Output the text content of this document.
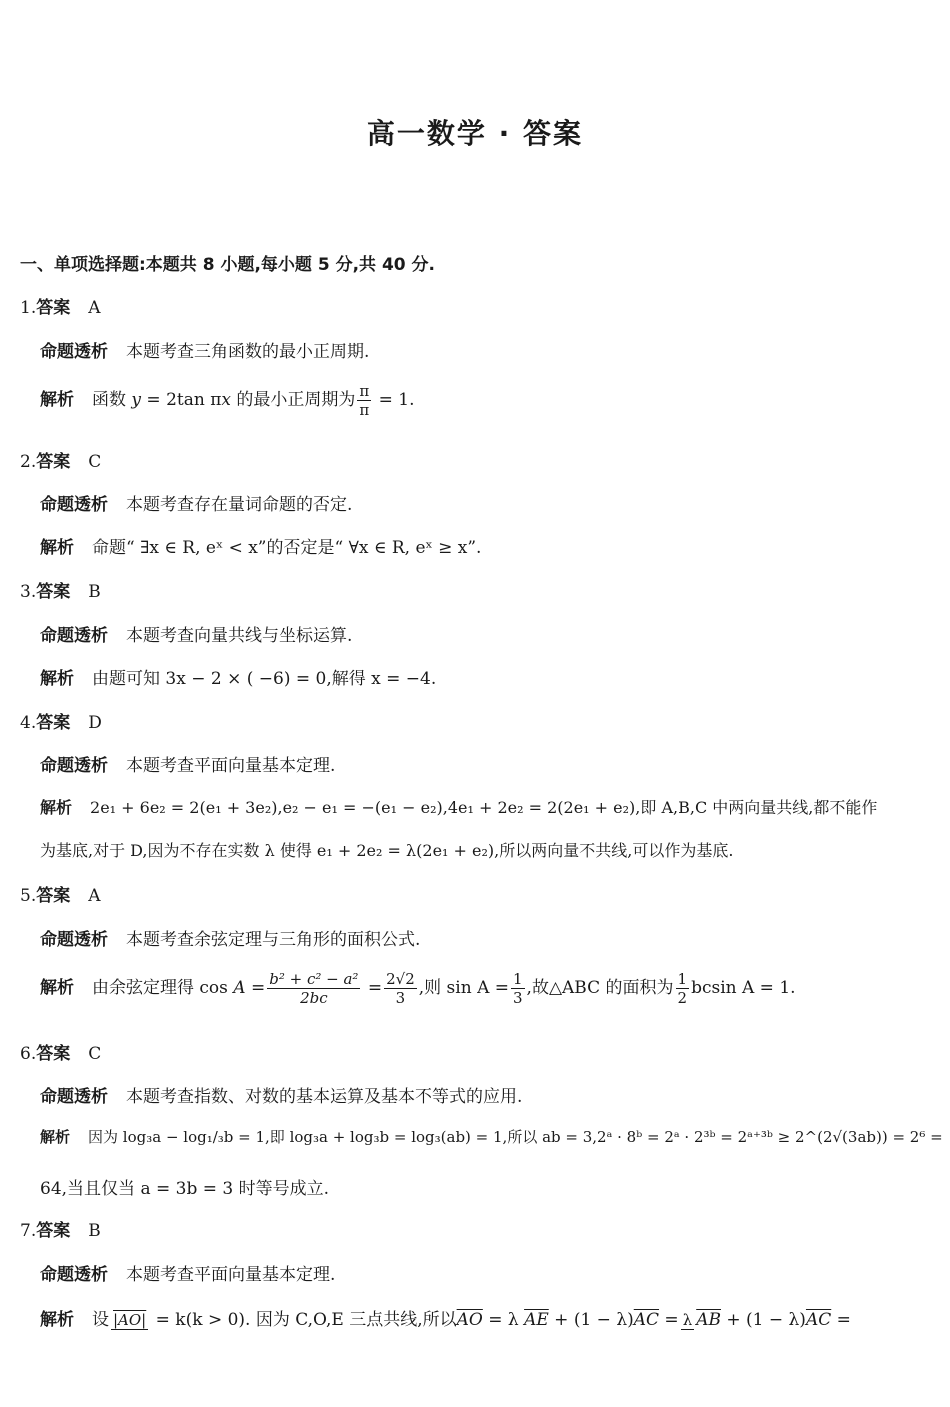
高一数学 · 答案
一、单项选择题:本题共 8 小题,每小题 5 分,共 40 分.
1.答案 A
命题透析 本题考查三角函数的最小正周期.
解析 函数 y = 2tan πx 的最小正周期为 $\frac{\pi}{\pi} = 1$.
2.答案 C
命题透析 本题考查存在量词命题的否定.
解析 命题“ ∃x ∈ R, eˣ < x”的否定是“ ∀x ∈ R, eˣ ≥ x”.
3.答案 B
命题透析 本题考查向量共线与坐标运算.
解析 由题可知 3x − 2 × ( −6) = 0,解得 x = −4.
4.答案 D
命题透析 本题考查平面向量基本定理.
解析 2e₁ + 6e₂ = 2(e₁ + 3e₂),e₂ − e₁ = −(e₁ − e₂),4e₁ + 2e₂ = 2(2e₁ + e₂),即 A,B,C 中两向量共线,都不能作
为基底,对于 D,因为不存在实数 λ 使得 e₁ + 2e₂ = λ(2e₁ + e₂),所以两向量不共线,可以作为基底.
5.答案 A
命题透析 本题考查余弦定理与三角形的面积公式.
解析 由余弦定理得 $\cos A = \frac{\text{b² + c² − a²}}{2bc} = \frac{2√2}{3}$ ,则 $\sin A = \frac{1}{3}$ ,故△ABC 的面积为 $\frac{1}{2}$ bcsin A = 1.
6.答案 C
命题透析 本题考查指数、对数的基本运算及基本不等式的应用.
解析 因为 log₃a − log₁/₃b = 1,即 log₃a + log₃b = log₃(ab) = 1,所以 ab = 3,2ᵃ · 8ᵇ = 2ᵃ · 2³ᵇ = 2ᵃ⁺³ᵇ ≥ 2^(2√(3ab)) = 2⁶ =
64,当且仅当 a = 3b = 3 时等号成立.
7.答案 B
命题透析 本题考查平面向量基本定理.
解析 设 |AO| = k(k > 0). 因为 C,O,E 三点共线,所以$\overline{AO} = \lambda$ $\overline{AE} + (1 - \lambda)\overline{AC} = \lambda$ $\overline{AB} + (1 - \lambda)\overline{AC}$ =
